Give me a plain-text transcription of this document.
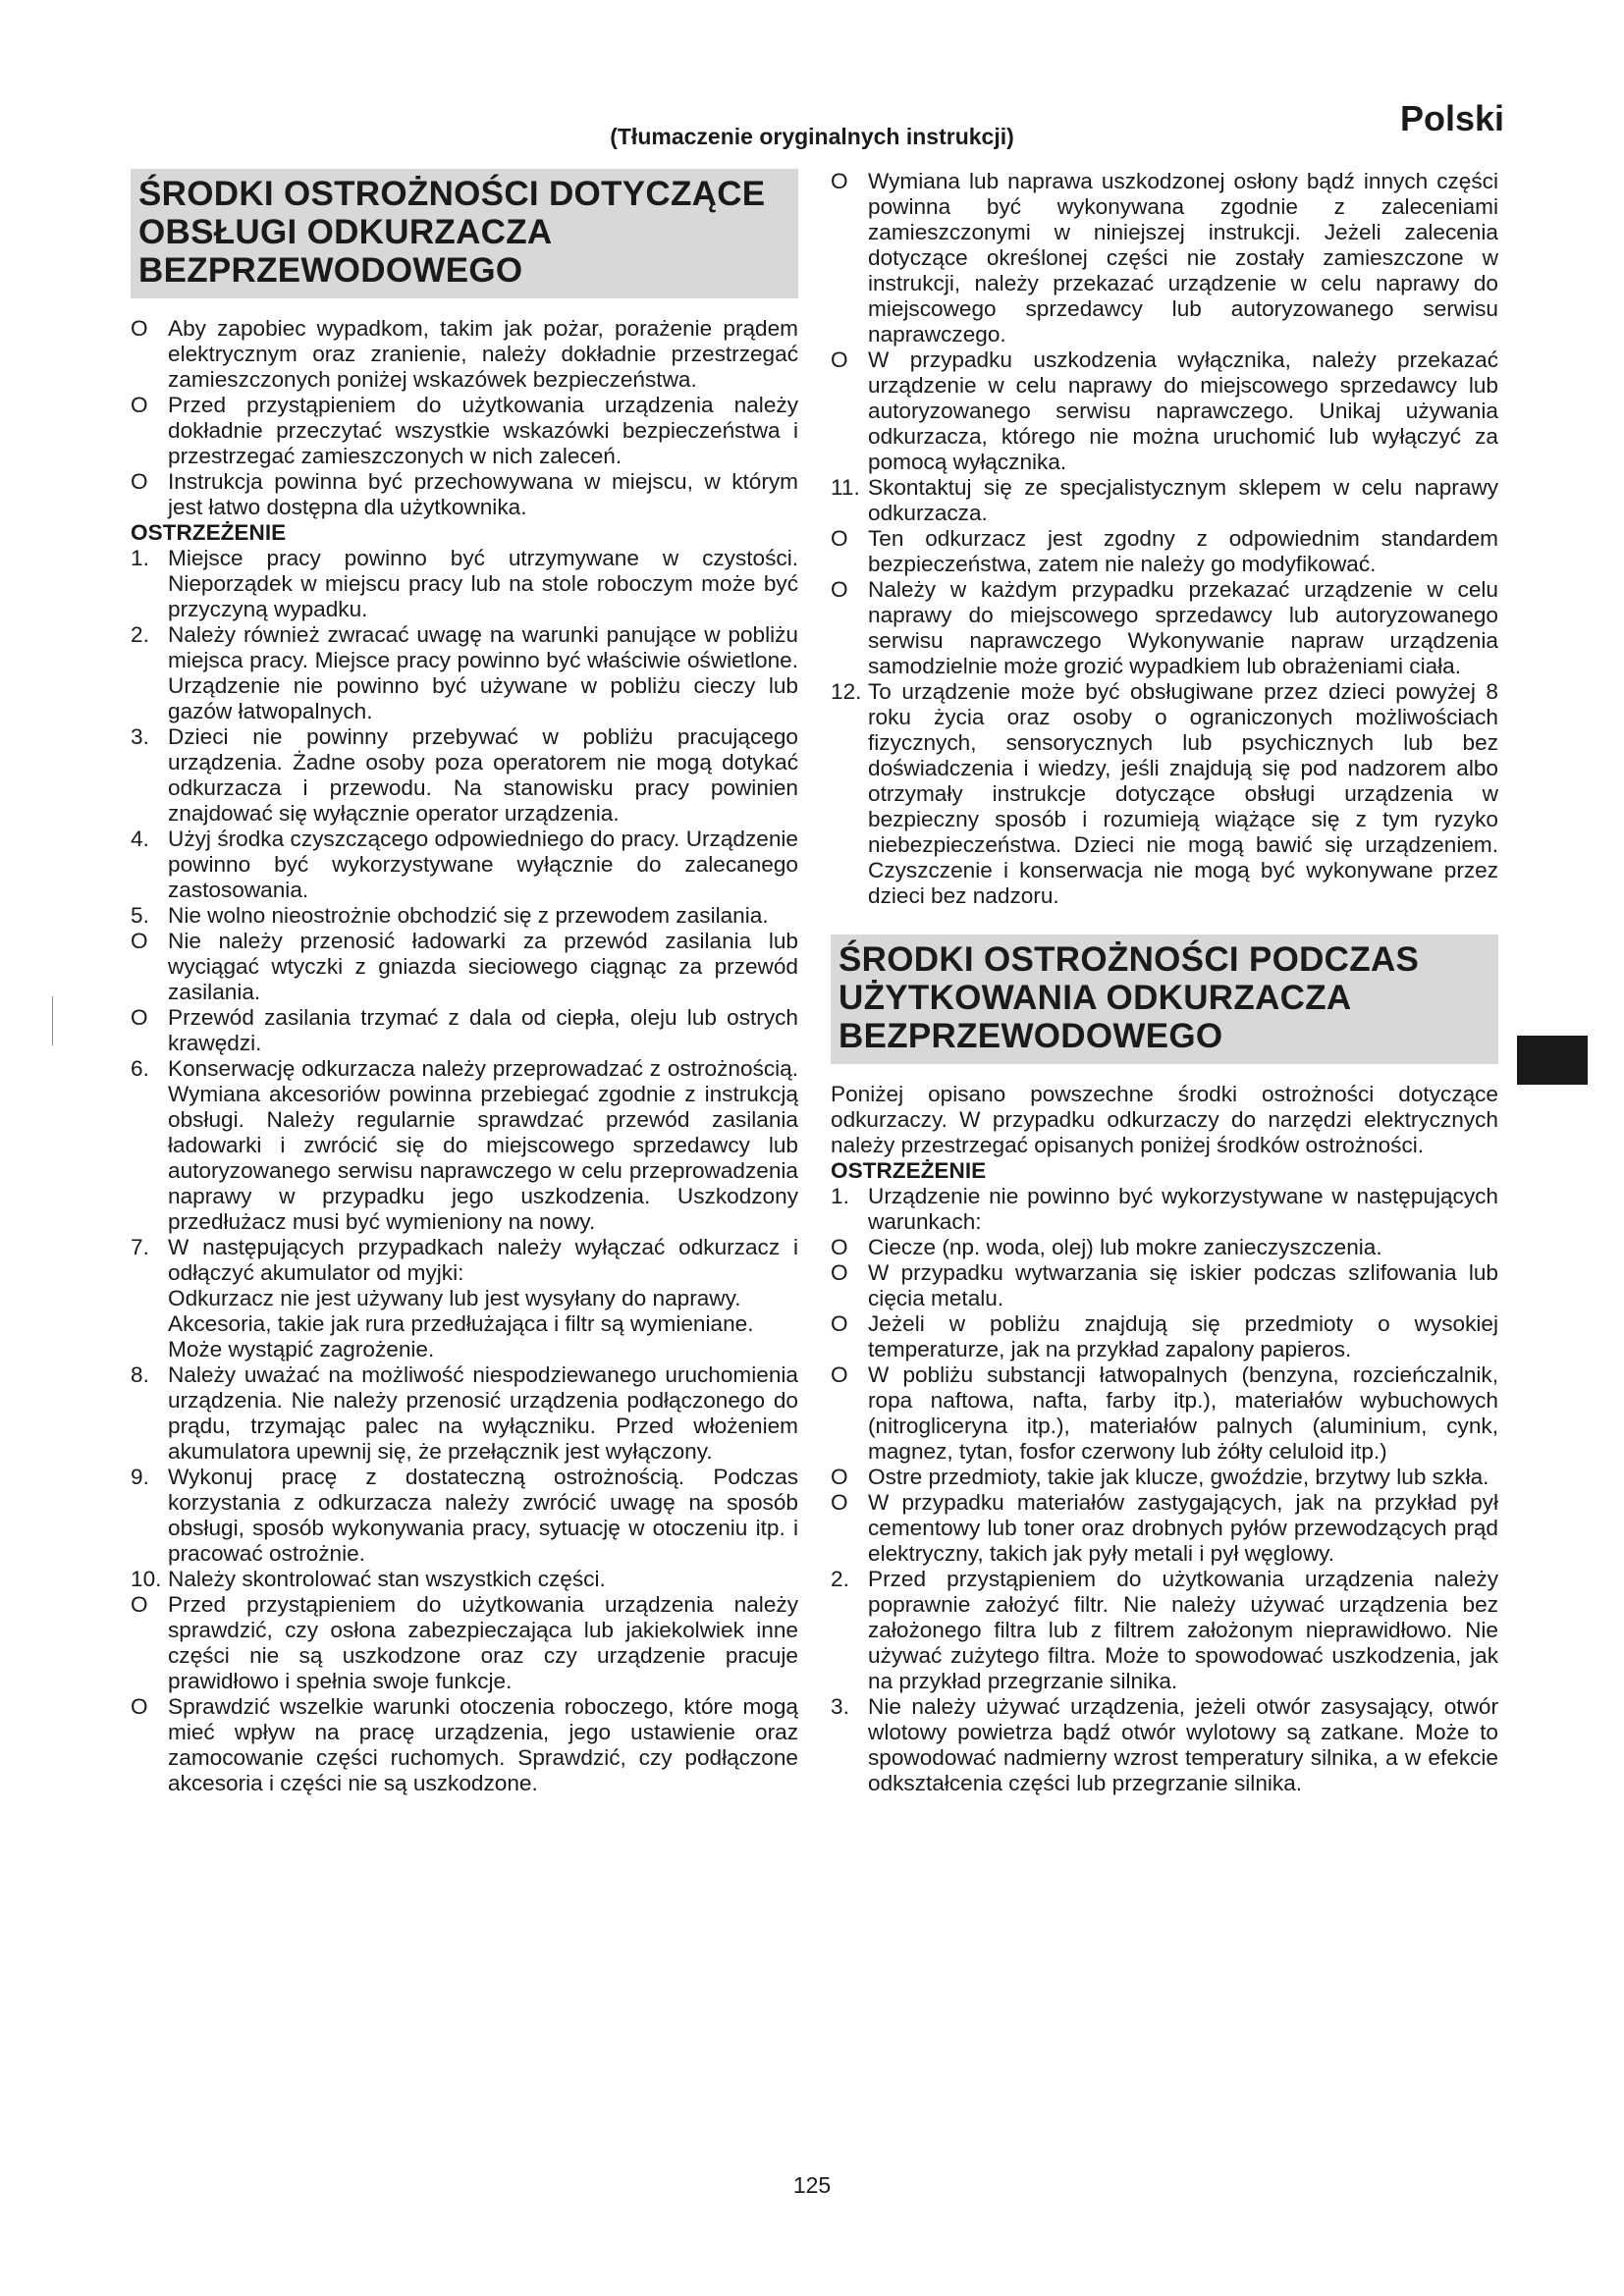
Polski
(Tłumaczenie oryginalnych instrukcji)
ŚRODKI OSTROŻNOŚCI DOTYCZĄCE OBSŁUGI ODKURZACZA BEZPRZEWODOWEGO
O Aby zapobiec wypadkom, takim jak pożar, porażenie prądem elektrycznym oraz zranienie, należy dokładnie przestrzegać zamieszczonych poniżej wskazówek bezpieczeństwa.
O Przed przystąpieniem do użytkowania urządzenia należy dokładnie przeczytać wszystkie wskazówki bezpieczeństwa i przestrzegać zamieszczonych w nich zaleceń.
O Instrukcja powinna być przechowywana w miejscu, w którym jest łatwo dostępna dla użytkownika.
OSTRZEŻENIE
1. Miejsce pracy powinno być utrzymywane w czystości. Nieporządek w miejscu pracy lub na stole roboczym może być przyczyną wypadku.
2. Należy również zwracać uwagę na warunki panujące w pobliżu miejsca pracy. Miejsce pracy powinno być właściwie oświetlone. Urządzenie nie powinno być używane w pobliżu cieczy lub gazów łatwopalnych.
3. Dzieci nie powinny przebywać w pobliżu pracującego urządzenia. Żadne osoby poza operatorem nie mogą dotykać odkurzacza i przewodu. Na stanowisku pracy powinien znajdować się wyłącznie operator urządzenia.
4. Użyj środka czyszczącego odpowiedniego do pracy. Urządzenie powinno być wykorzystywane wyłącznie do zalecanego zastosowania.
5. Nie wolno nieostrożnie obchodzić się z przewodem zasilania.
O Nie należy przenosić ładowarki za przewód zasilania lub wyciągać wtyczki z gniazda sieciowego ciągnąc za przewód zasilania.
O Przewód zasilania trzymać z dala od ciepła, oleju lub ostrych krawędzi.
6. Konserwację odkurzacza należy przeprowadzać z ostrożnością. Wymiana akcesoriów powinna przebiegać zgodnie z instrukcją obsługi. Należy regularnie sprawdzać przewód zasilania ładowarki i zwrócić się do miejscowego sprzedawcy lub autoryzowanego serwisu naprawczego w celu przeprowadzenia naprawy w przypadku jego uszkodzenia. Uszkodzony przedłużacz musi być wymieniony na nowy.
7. W następujących przypadkach należy wyłączać odkurzacz i odłączyć akumulator od myjki:
Odkurzacz nie jest używany lub jest wysyłany do naprawy.
Akcesoria, takie jak rura przedłużająca i filtr są wymieniane.
Może wystąpić zagrożenie.
8. Należy uważać na możliwość niespodziewanego uruchomienia urządzenia. Nie należy przenosić urządzenia podłączonego do prądu, trzymając palec na wyłączniku. Przed włożeniem akumulatora upewnij się, że przełącznik jest wyłączony.
9. Wykonuj pracę z dostateczną ostrożnością. Podczas korzystania z odkurzacza należy zwrócić uwagę na sposób obsługi, sposób wykonywania pracy, sytuację w otoczeniu itp. i pracować ostrożnie.
10. Należy skontrolować stan wszystkich części.
O Przed przystąpieniem do użytkowania urządzenia należy sprawdzić, czy osłona zabezpieczająca lub jakiekolwiek inne części nie są uszkodzone oraz czy urządzenie pracuje prawidłowo i spełnia swoje funkcje.
O Sprawdzić wszelkie warunki otoczenia roboczego, które mogą mieć wpływ na pracę urządzenia, jego ustawienie oraz zamocowanie części ruchomych. Sprawdzić, czy podłączone akcesoria i części nie są uszkodzone.
O Wymiana lub naprawa uszkodzonej osłony bądź innych części powinna być wykonywana zgodnie z zaleceniami zamieszczonymi w niniejszej instrukcji. Jeżeli zalecenia dotyczące określonej części nie zostały zamieszczone w instrukcji, należy przekazać urządzenie w celu naprawy do miejscowego sprzedawcy lub autoryzowanego serwisu naprawczego.
O W przypadku uszkodzenia wyłącznika, należy przekazać urządzenie w celu naprawy do miejscowego sprzedawcy lub autoryzowanego serwisu naprawczego. Unikaj używania odkurzacza, którego nie można uruchomić lub wyłączyć za pomocą wyłącznika.
11. Skontaktuj się ze specjalistycznym sklepem w celu naprawy odkurzacza.
O Ten odkurzacz jest zgodny z odpowiednim standardem bezpieczeństwa, zatem nie należy go modyfikować.
O Należy w każdym przypadku przekazać urządzenie w celu naprawy do miejscowego sprzedawcy lub autoryzowanego serwisu naprawczego Wykonywanie napraw urządzenia samodzielnie może grozić wypadkiem lub obrażeniami ciała.
12. To urządzenie może być obsługiwane przez dzieci powyżej 8 roku życia oraz osoby o ograniczonych możliwościach fizycznych, sensorycznych lub psychicznych lub bez doświadczenia i wiedzy, jeśli znajdują się pod nadzorem albo otrzymały instrukcje dotyczące obsługi urządzenia w bezpieczny sposób i rozumieją wiążące się z tym ryzyko niebezpieczeństwa. Dzieci nie mogą bawić się urządzeniem. Czyszczenie i konserwacja nie mogą być wykonywane przez dzieci bez nadzoru.
ŚRODKI OSTROŻNOŚCI PODCZAS UŻYTKOWANIA ODKURZACZA BEZPRZEWODOWEGO
Poniżej opisano powszechne środki ostrożności dotyczące odkurzaczy. W przypadku odkurzaczy do narzędzi elektrycznych należy przestrzegać opisanych poniżej środków ostrożności.
OSTRZEŻENIE
1. Urządzenie nie powinno być wykorzystywane w następujących warunkach:
O Ciecze (np. woda, olej) lub mokre zanieczyszczenia.
O W przypadku wytwarzania się iskier podczas szlifowania lub cięcia metalu.
O Jeżeli w pobliżu znajdują się przedmioty o wysokiej temperaturze, jak na przykład zapalony papieros.
O W pobliżu substancji łatwopalnych (benzyna, rozcieńczalnik, ropa naftowa, nafta, farby itp.), materiałów wybuchowych (nitrogliceryna itp.), materiałów palnych (aluminium, cynk, magnez, tytan, fosfor czerwony lub żółty celuloid itp.)
O Ostre przedmioty, takie jak klucze, gwoździe, brzytwy lub szkła.
O W przypadku materiałów zastygających, jak na przykład pył cementowy lub toner oraz drobnych pyłów przewodzących prąd elektryczny, takich jak pyły metali i pył węglowy.
2. Przed przystąpieniem do użytkowania urządzenia należy poprawnie założyć filtr. Nie należy używać urządzenia bez założonego filtra lub z filtrem założonym nieprawidłowo. Nie używać zużytego filtra. Może to spowodować uszkodzenia, jak na przykład przegrzanie silnika.
3. Nie należy używać urządzenia, jeżeli otwór zasysający, otwór wlotowy powietrza bądź otwór wylotowy są zatkane. Może to spowodować nadmierny wzrost temperatury silnika, a w efekcie odkształcenia części lub przegrzanie silnika.
125
